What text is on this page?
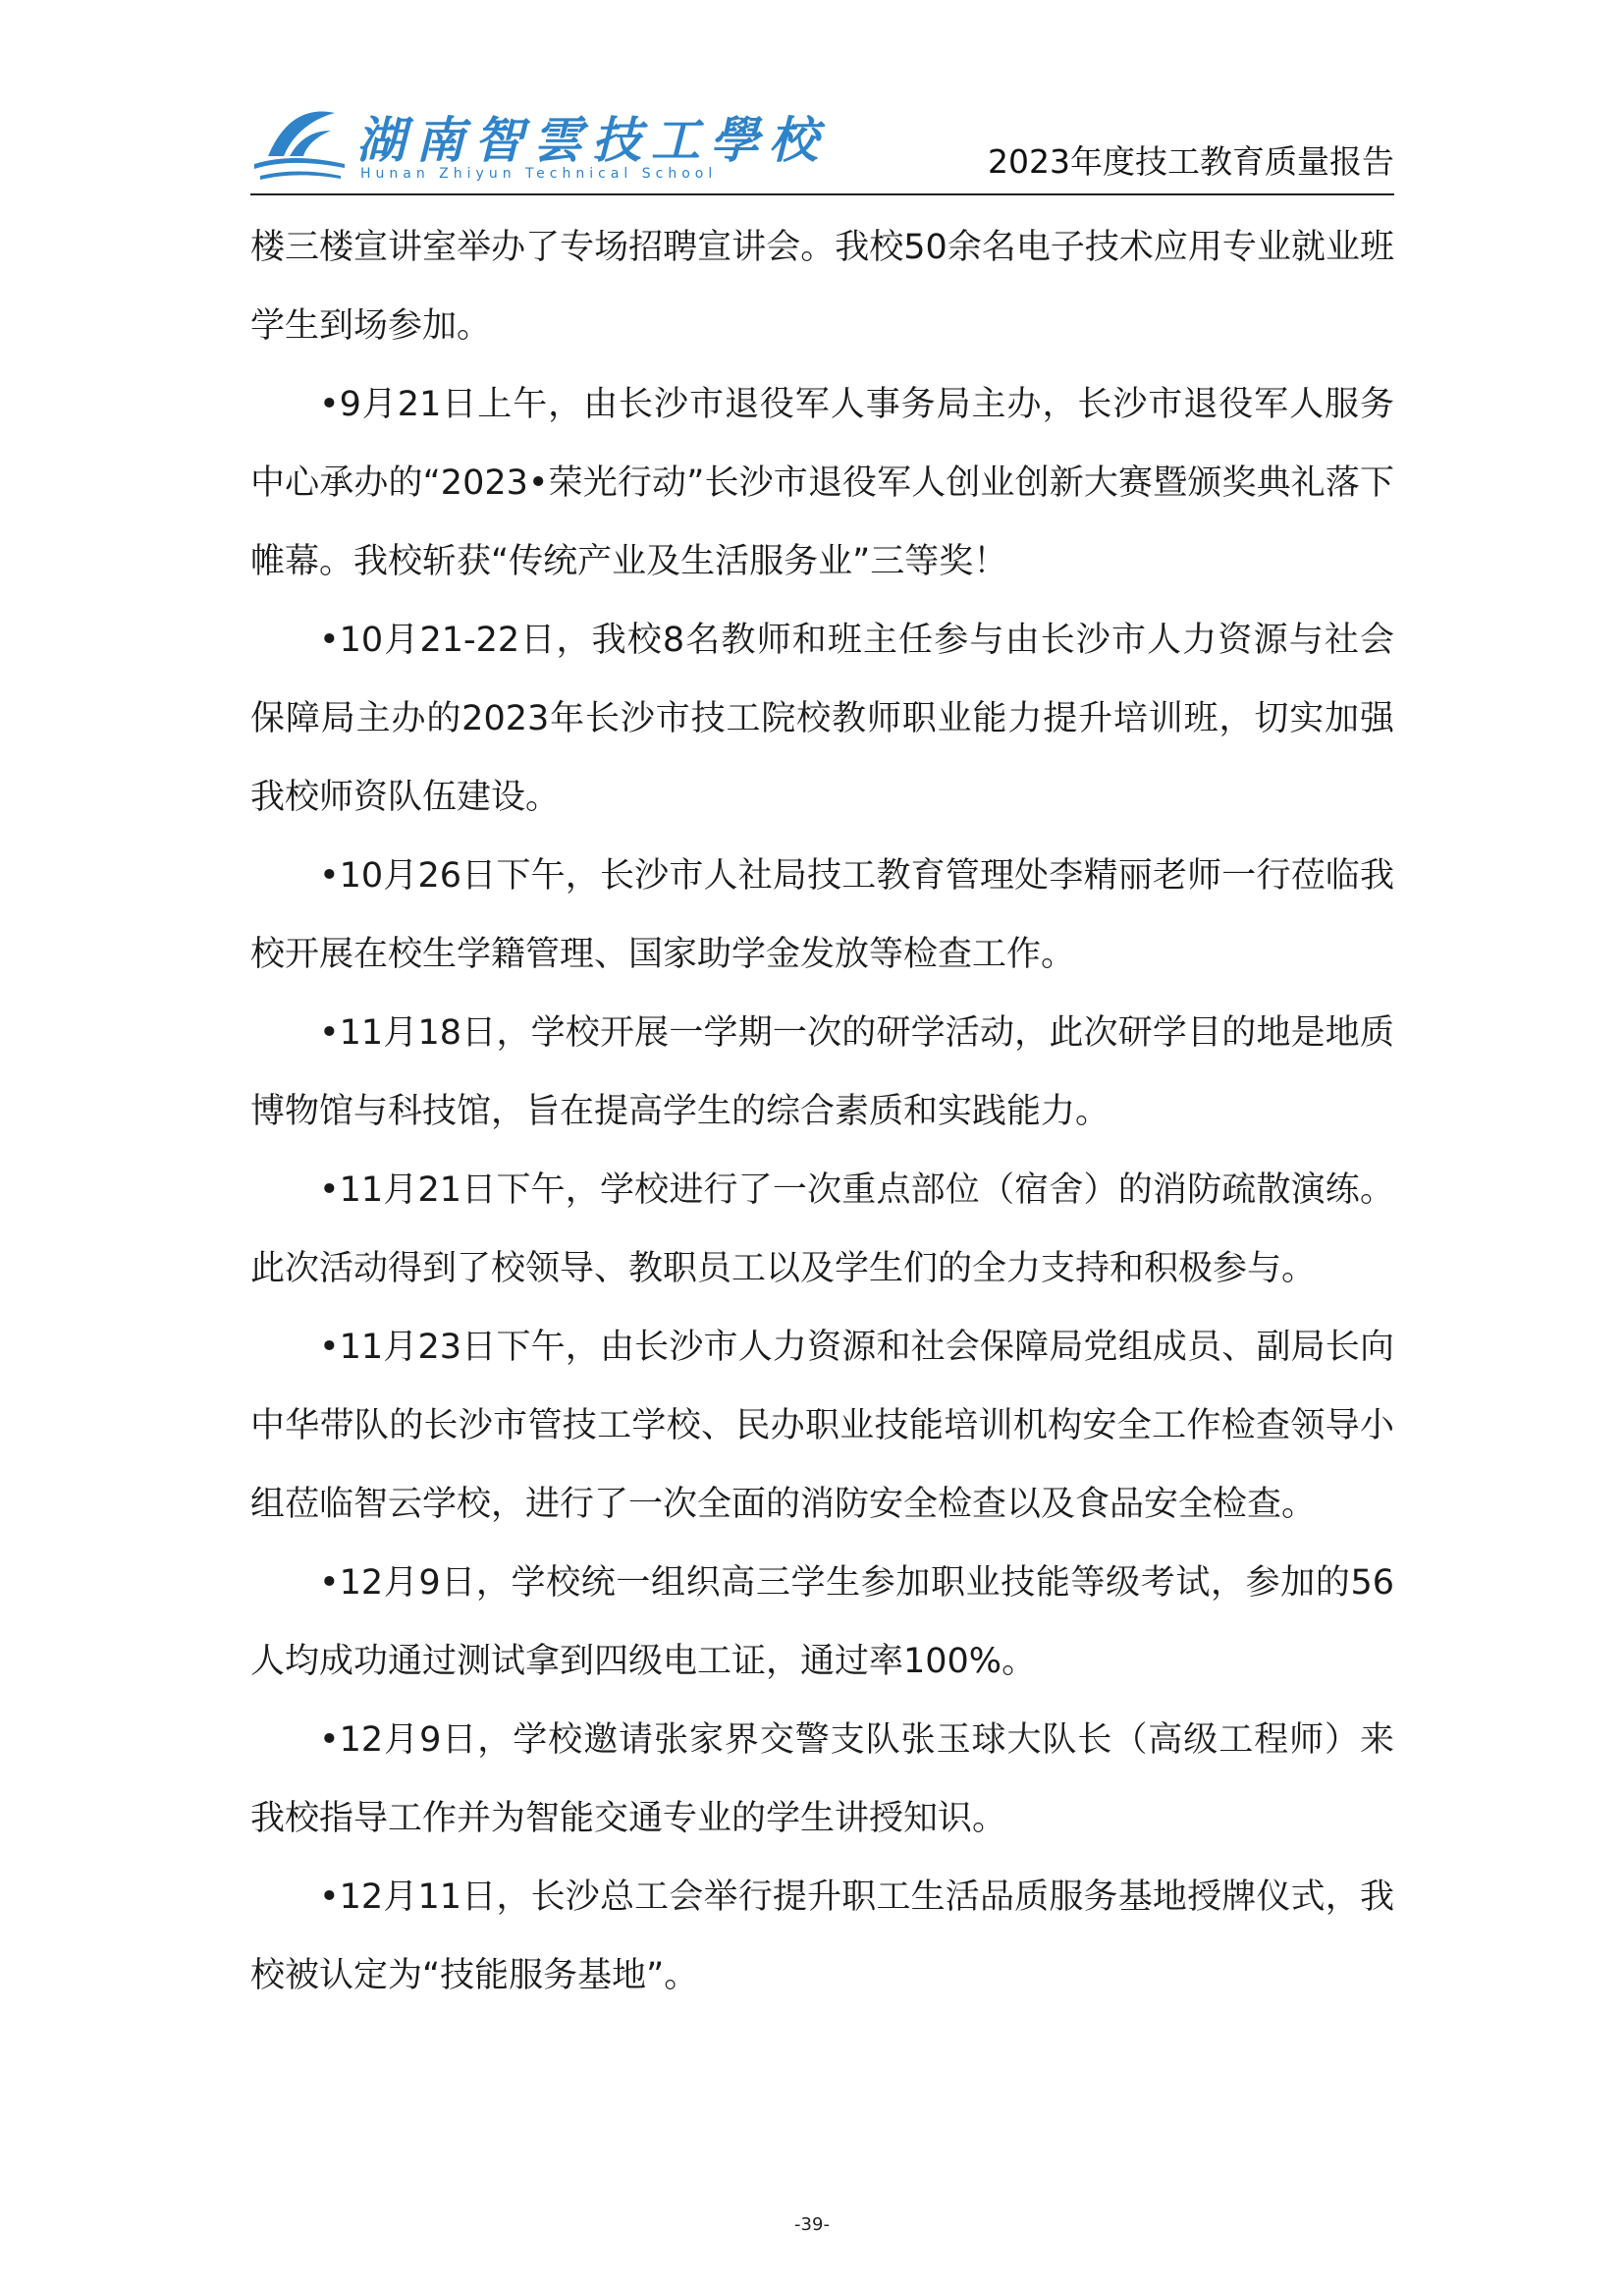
湖南智雲技工學校
Hunan Zhiyun Technical School	2023年度技工教育质量报告

楼三楼宣讲室举办了专场招聘宣讲会。我校50余名电子技术应用专业就业班学生到场参加。

•9月21日上午，由长沙市退役军人事务局主办，长沙市退役军人服务中心承办的“2023•荣光行动”长沙市退役军人创业创新大赛暨颁奖典礼落下帷幕。我校斩获“传统产业及生活服务业”三等奖！

•10月21-22日，我校8名教师和班主任参与由长沙市人力资源与社会保障局主办的2023年长沙市技工院校教师职业能力提升培训班，切实加强我校师资队伍建设。

•10月26日下午，长沙市人社局技工教育管理处李精丽老师一行莅临我校开展在校生学籍管理、国家助学金发放等检查工作。

•11月18日，学校开展一学期一次的研学活动，此次研学目的地是地质博物馆与科技馆，旨在提高学生的综合素质和实践能力。

•11月21日下午，学校进行了一次重点部位（宿舍）的消防疏散演练。此次活动得到了校领导、教职员工以及学生们的全力支持和积极参与。

•11月23日下午，由长沙市人力资源和社会保障局党组成员、副局长向中华带队的长沙市管技工学校、民办职业技能培训机构安全工作检查领导小组莅临智云学校，进行了一次全面的消防安全检查以及食品安全检查。

•12月9日，学校统一组织高三学生参加职业技能等级考试，参加的56人均成功通过测试拿到四级电工证，通过率100%。

•12月9日，学校邀请张家界交警支队张玉球大队长（高级工程师）来我校指导工作并为智能交通专业的学生讲授知识。

•12月11日，长沙总工会举行提升职工生活品质服务基地授牌仪式，我校被认定为“技能服务基地”。

-39-
